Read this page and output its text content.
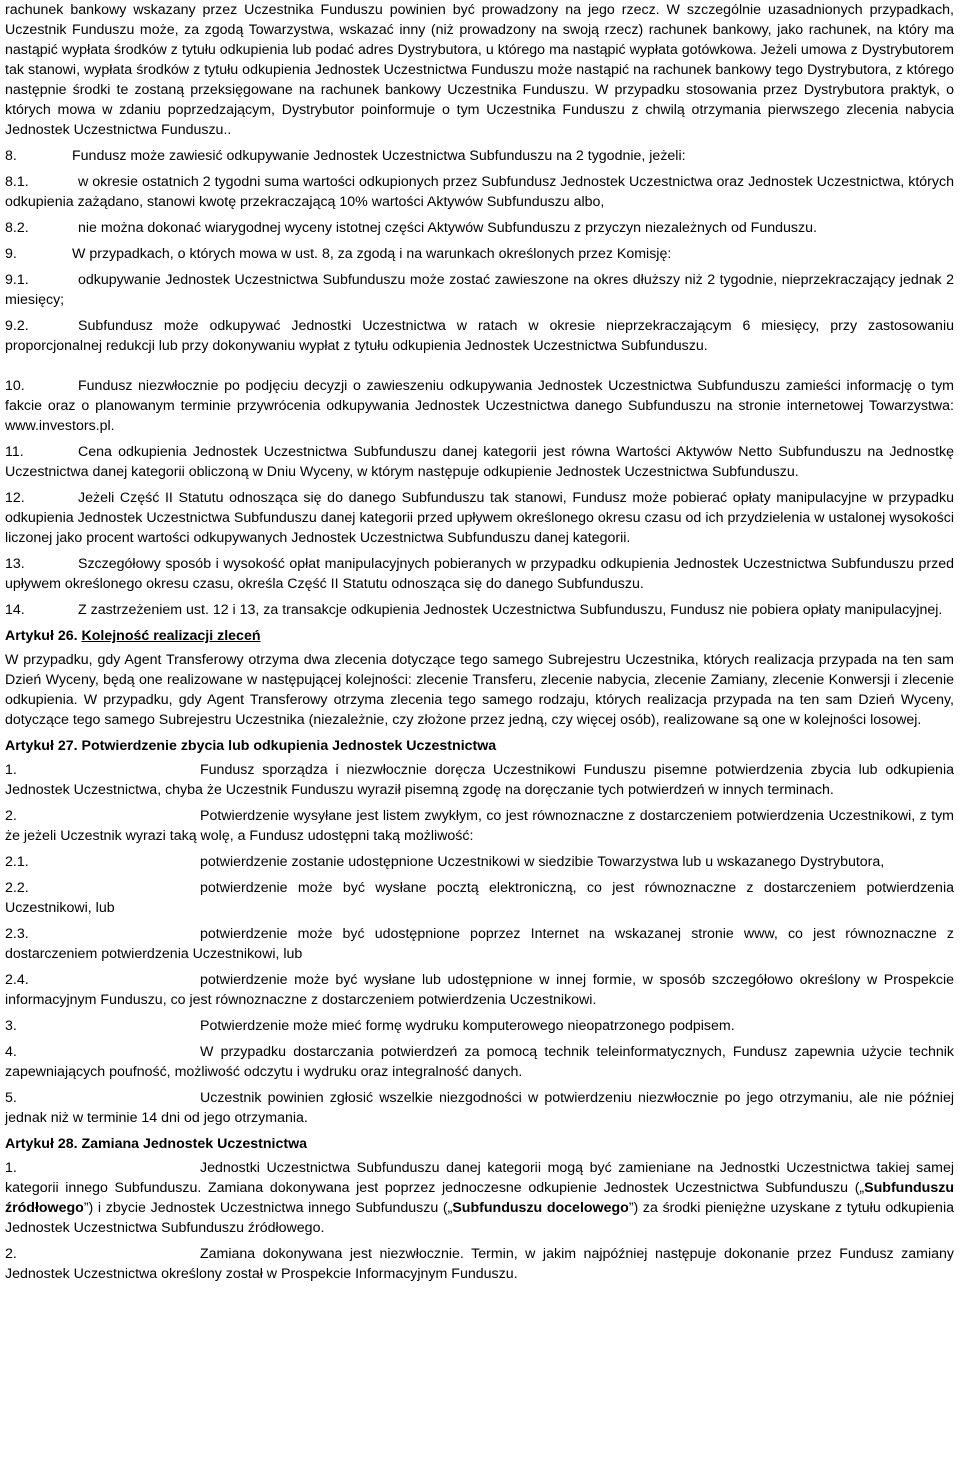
rachunek bankowy wskazany przez Uczestnika Funduszu powinien być prowadzony na jego rzecz. W szczególnie uzasadnionych przypadkach, Uczestnik Funduszu może, za zgodą Towarzystwa, wskazać inny (niż prowadzony na swoją rzecz) rachunek bankowy, jako rachunek, na który ma nastąpić wypłata środków z tytułu odkupienia lub podać adres Dystrybutora, u którego ma nastąpić wypłata gotówkowa. Jeżeli umowa z Dystrybutorem tak stanowi, wypłata środków z tytułu odkupienia Jednostek Uczestnictwa Funduszu może nastąpić na rachunek bankowy tego Dystrybutora, z którego następnie środki te zostaną przeksięgowane na rachunek bankowy Uczestnika Funduszu. W przypadku stosowania przez Dystrybutora praktyk, o których mowa w zdaniu poprzedzającym, Dystrybutor poinformuje o tym Uczestnika Funduszu z chwilą otrzymania pierwszego zlecenia nabycia Jednostek Uczestnictwa Funduszu..
8.	Fundusz może zawiesić odkupywanie Jednostek Uczestnictwa Subfunduszu na 2 tygodnie, jeżeli:
8.1.	w okresie ostatnich 2 tygodni suma wartości odkupionych przez Subfundusz Jednostek Uczestnictwa oraz Jednostek Uczestnictwa, których odkupienia zażądano, stanowi kwotę przekraczającą 10% wartości Aktywów Subfunduszu albo,
8.2.	nie można dokonać wiarygodnej wyceny istotnej części Aktywów Subfunduszu z przyczyn niezależnych od Funduszu.
9.	W przypadkach, o których mowa w ust. 8, za zgodą i na warunkach określonych przez Komisję:
9.1.	odkupywanie Jednostek Uczestnictwa Subfunduszu może zostać zawieszone na okres dłuższy niż 2 tygodnie, nieprzekraczający jednak 2 miesięcy;
9.2.	Subfundusz może odkupywać Jednostki Uczestnictwa w ratach w okresie nieprzekraczającym 6 miesięcy, przy zastosowaniu proporcjonalnej redukcji lub przy dokonywaniu wypłat z tytułu odkupienia Jednostek Uczestnictwa Subfunduszu.
10.	Fundusz niezwłocznie po podjęciu decyzji o zawieszeniu odkupywania Jednostek Uczestnictwa Subfunduszu zamieści informację o tym fakcie oraz o planowanym terminie przywrócenia odkupywania Jednostek Uczestnictwa danego Subfunduszu na stronie internetowej Towarzystwa: www.investors.pl.
11.	Cena odkupienia Jednostek Uczestnictwa Subfunduszu danej kategorii jest równa Wartości Aktywów Netto Subfunduszu na Jednostkę Uczestnictwa danej kategorii obliczoną w Dniu Wyceny, w którym następuje odkupienie Jednostek Uczestnictwa Subfunduszu.
12.	Jeżeli Część II Statutu odnosząca się do danego Subfunduszu tak stanowi, Fundusz może pobierać opłaty manipulacyjne w przypadku odkupienia Jednostek Uczestnictwa Subfunduszu danej kategorii przed upływem określonego okresu czasu od ich przydzielenia w ustalonej wysokości liczonej jako procent wartości odkupywanych Jednostek Uczestnictwa Subfunduszu danej kategorii.
13.	Szczegółowy sposób i wysokość opłat manipulacyjnych pobieranych w przypadku odkupienia Jednostek Uczestnictwa Subfunduszu przed upływem określonego okresu czasu, określa Część II Statutu odnosząca się do danego Subfunduszu.
14.	Z zastrzeżeniem ust. 12 i 13, za transakcje odkupienia Jednostek Uczestnictwa Subfunduszu, Fundusz nie pobiera opłaty manipulacyjnej.
Artykuł 26. Kolejność realizacji zleceń
W przypadku, gdy Agent Transferowy otrzyma dwa zlecenia dotyczące tego samego Subrejestru Uczestnika, których realizacja przypada na ten sam Dzień Wyceny, będą one realizowane w następującej kolejności: zlecenie Transferu, zlecenie nabycia, zlecenie Zamiany, zlecenie Konwersji i zlecenie odkupienia. W przypadku, gdy Agent Transferowy otrzyma zlecenia tego samego rodzaju, których realizacja przypada na ten sam Dzień Wyceny, dotyczące tego samego Subrejestru Uczestnika (niezależnie, czy złożone przez jedną, czy więcej osób), realizowane są one w kolejności losowej.
Artykuł 27. Potwierdzenie zbycia lub odkupienia Jednostek Uczestnictwa
1.	Fundusz sporządza i niezwłocznie doręcza Uczestnikowi Funduszu pisemne potwierdzenia zbycia lub odkupienia Jednostek Uczestnictwa, chyba że Uczestnik Funduszu wyraził pisemną zgodę na doręczanie tych potwierdzeń w innych terminach.
2.	Potwierdzenie wysyłane jest listem zwykłym, co jest równoznaczne z dostarczeniem potwierdzenia Uczestnikowi, z tym że jeżeli Uczestnik wyrazi taką wolę, a Fundusz udostępni taką możliwość:
2.1.	potwierdzenie zostanie udostępnione Uczestnikowi w siedzibie Towarzystwa lub u wskazanego Dystrybutora,
2.2.	potwierdzenie może być wysłane pocztą elektroniczną, co jest równoznaczne z dostarczeniem potwierdzenia Uczestnikowi, lub
2.3.	potwierdzenie może być udostępnione poprzez Internet na wskazanej stronie www, co jest równoznaczne z dostarczeniem potwierdzenia Uczestnikowi, lub
2.4.	potwierdzenie może być wysłane lub udostępnione w innej formie, w sposób szczegółowo określony w Prospekcie informacyjnym Funduszu, co jest równoznaczne z dostarczeniem potwierdzenia Uczestnikowi.
3.	Potwierdzenie może mieć formę wydruku komputerowego nieopatrzonego podpisem.
4.	W przypadku dostarczania potwierdzeń za pomocą technik teleinformatycznych, Fundusz zapewnia użycie technik zapewniających poufność, możliwość odczytu i wydruku oraz integralność danych.
5.	Uczestnik powinien zgłosić wszelkie niezgodności w potwierdzeniu niezwłocznie po jego otrzymaniu, ale nie później jednak niż w terminie 14 dni od jego otrzymania.
Artykuł 28. Zamiana Jednostek Uczestnictwa
1.	Jednostki Uczestnictwa Subfunduszu danej kategorii mogą być zamieniane na Jednostki Uczestnictwa takiej samej kategorii innego Subfunduszu. Zamiana dokonywana jest poprzez jednoczesne odkupienie Jednostek Uczestnictwa Subfunduszu („Subfunduszu źródłowego”) i zbycie Jednostek Uczestnictwa innego Subfunduszu („Subfunduszu docelowego”) za środki pieniężne uzyskane z tytułu odkupienia Jednostek Uczestnictwa Subfunduszu źródłowego.
2.	Zamiana dokonywana jest niezwłocznie. Termin, w jakim najpóźniej następuje dokonanie przez Fundusz zamiany Jednostek Uczestnictwa określony został w Prospekcie Informacyjnym Funduszu.
